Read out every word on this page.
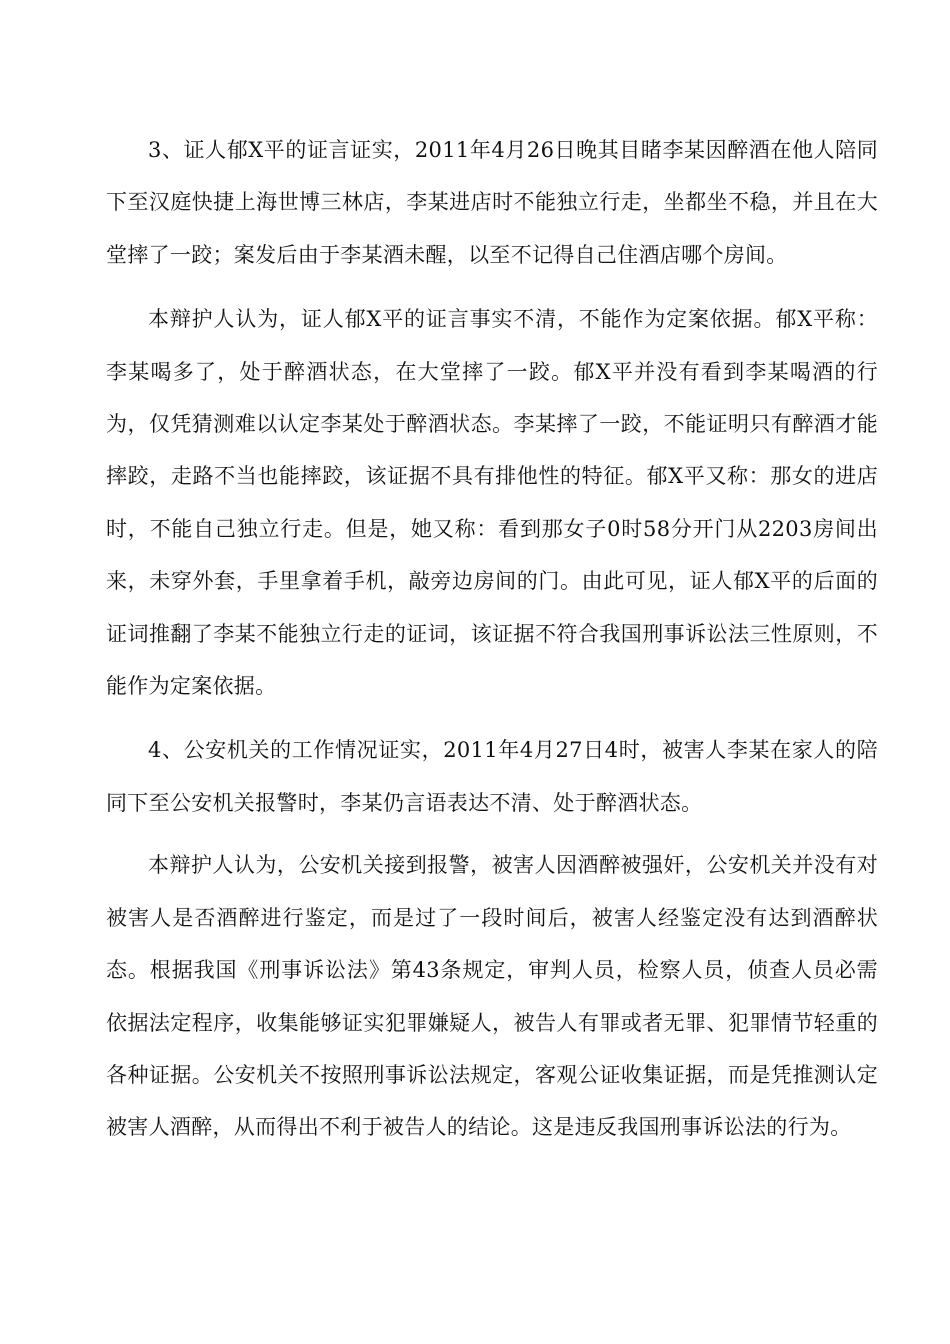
3、证人郁X平的证言证实，2011年4月26日晚其目睹李某因醉酒在他人陪同下至汉庭快捷上海世博三林店，李某进店时不能独立行走，坐都坐不稳，并且在大堂摔了一跤；案发后由于李某酒未醒，以至不记得自己住酒店哪个房间。

本辩护人认为，证人郁X平的证言事实不清，不能作为定案依据。郁X平称：李某喝多了，处于醉酒状态，在大堂摔了一跤。郁X平并没有看到李某喝酒的行为，仅凭猜测难以认定李某处于醉酒状态。李某摔了一跤，不能证明只有醉酒才能摔跤，走路不当也能摔跤，该证据不具有排他性的特征。郁X平又称：那女的进店时，不能自己独立行走。但是，她又称：看到那女子0时58分开门从2203房间出来，未穿外套，手里拿着手机，敲旁边房间的门。由此可见，证人郁X平的后面的证词推翻了李某不能独立行走的证词，该证据不符合我国刑事诉讼法三性原则，不能作为定案依据。

4、公安机关的工作情况证实，2011年4月27日4时，被害人李某在家人的陪同下至公安机关报警时，李某仍言语表达不清、处于醉酒状态。

本辩护人认为，公安机关接到报警，被害人因酒醉被强奸，公安机关并没有对被害人是否酒醉进行鉴定，而是过了一段时间后，被害人经鉴定没有达到酒醉状态。根据我国《刑事诉讼法》第43条规定，审判人员，检察人员，侦查人员必需依据法定程序，收集能够证实犯罪嫌疑人，被告人有罪或者无罪、犯罪情节轻重的各种证据。公安机关不按照刑事诉讼法规定，客观公证收集证据，而是凭推测认定被害人酒醉，从而得出不利于被告人的结论。这是违反我国刑事诉讼法的行为。
